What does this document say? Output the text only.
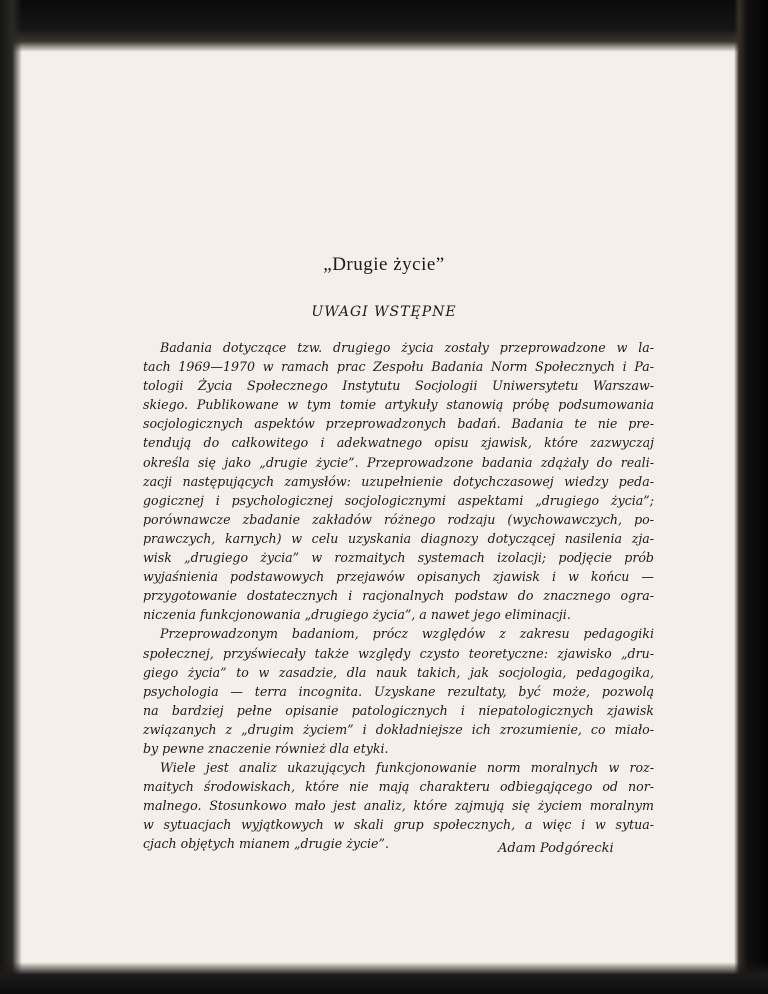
„Drugie życie”
UWAGI WSTĘPNE
Badania dotyczące tzw. drugiego życia zostały przeprowadzone w la-
tach 1969—1970 w ramach prac Zespołu Badania Norm Społecznych i Pa-
tologii Życia Społecznego Instytutu Socjologii Uniwersytetu Warszaw-
skiego. Publikowane w tym tomie artykuły stanowią próbę podsumowania
socjologicznych aspektów przeprowadzonych badań. Badania te nie pre-
tendują do całkowitego i adekwatnego opisu zjawisk, które zazwyczaj
określa się jako „drugie życie”. Przeprowadzone badania zdążały do reali-
zacji następujących zamysłów: uzupełnienie dotychczasowej wiedzy peda-
gogicznej i psychologicznej socjologicznymi aspektami „drugiego życia”;
porównawcze zbadanie zakładów różnego rodzaju (wychowawczych, po-
prawczych, karnych) w celu uzyskania diagnozy dotyczącej nasilenia zja-
wisk „drugiego życia” w rozmaitych systemach izolacji; podjęcie prób
wyjaśnienia podstawowych przejawów opisanych zjawisk i w końcu —
przygotowanie dostatecznych i racjonalnych podstaw do znacznego ogra-
niczenia funkcjonowania „drugiego życia”, a nawet jego eliminacji.
Przeprowadzonym badaniom, prócz względów z zakresu pedagogiki
społecznej, przyświecały także względy czysto teoretyczne: zjawisko „dru-
giego życia” to w zasadzie, dla nauk takich, jak socjologia, pedagogika,
psychologia — terra incognita. Uzyskane rezultaty, być może, pozwolą
na bardziej pełne opisanie patologicznych i niepatologicznych zjawisk
związanych z „drugim życiem” i dokładniejsze ich zrozumienie, co miało-
by pewne znaczenie również dla etyki.
Wiele jest analiz ukazujących funkcjonowanie norm moralnych w roz-
maitych środowiskach, które nie mają charakteru odbiegającego od nor-
malnego. Stosunkowo mało jest analiz, które zajmują się życiem moralnym
w sytuacjach wyjątkowych w skali grup społecznych, a więc i w sytua-
cjach objętych mianem „drugie życie”.	Adam Podgórecki
